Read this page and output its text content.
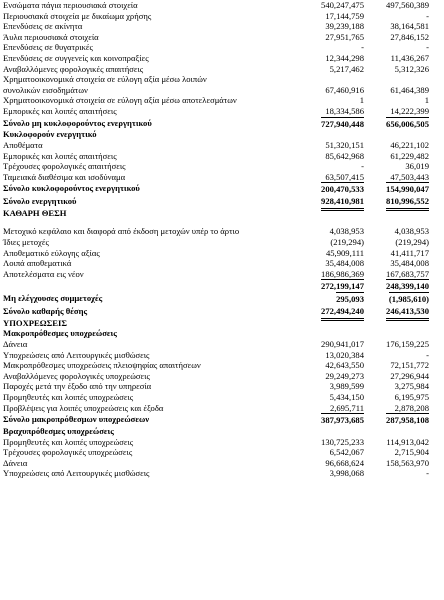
Ενσώματα πάγια περιουσιακά στοιχεία	540,247,475	497,560,389
Περιουσιακά στοιχεία με δικαίωμα χρήσης	17,144,759	-
Επενδύσεις σε ακίνητα	39,239,188	38,164,581
Άυλα περιουσιακά στοιχεία	27,951,765	27,846,152
Επενδύσεις σε θυγατρικές	-	-
Επενδύσεις σε συγγενείς και κοινοπραξίες	12,344,298	11,436,267
Αναβαλλόμενες φορολογικές απαιτήσεις	5,217,462	5,312,326
Χρηματοοικονομικά στοιχεία σε εύλογη αξία μέσω λοιπών
συνολικών εισοδημάτων	67,460,916	61,464,389
Χρηματοοικονομικά στοιχεία σε εύλογη αξία μέσω αποτελεσμάτων	1	1
Εμπορικές και λοιπές απαιτήσεις	18,334,586	14,222,399
Σύνολο μη κυκλοφορούντος ενεργητικού	727,940,448	656,006,505
Κυκλοφορούν ενεργητικό
Αποθέματα	51,320,151	46,221,102
Εμπορικές και λοιπές απαιτήσεις	85,642,968	61,229,482
Τρέχουσες φορολογικές απαιτήσεις	-	36,019
Ταμειακά διαθέσιμα και ισοδύναμα	63,507,415	47,503,443
Σύνολο κυκλοφορούντος ενεργητικού	200,470,533	154,990,047
Σύνολο ενεργητικού	928,410,981	810,996,552
ΚΑΘΑΡΗ ΘΕΣΗ
Μετοχικό κεφάλαιο και διαφορά από έκδοση μετοχών υπέρ το άρτιο	4,038,953	4,038,953
Ίδιες μετοχές	(219,294)	(219,294)
Αποθεματικό εύλογης αξίας	45,909,111	41,411,717
Λοιπά αποθεματικά	35,484,008	35,484,008
Αποτελέσματα εις νέον	186,986,369	167,683,757
272,199,147	248,399,140
Μη ελέγχουσες συμμετοχές	295,093	(1,985,610)
Σύνολο καθαρής θέσης	272,494,240	246,413,530
ΥΠΟΧΡΕΩΣΕΙΣ
Μακροπρόθεσμες υποχρεώσεις
Δάνεια	290,941,017	176,159,225
Υποχρεώσεις από Λειτουργικές μισθώσεις	13,020,384	-
Μακροπρόθεσμες υποχρεώσεις πλειοψηφίας απαιτήσεων	42,643,550	72,151,772
Αναβαλλόμενες φορολογικές υποχρεώσεις	29,249,273	27,296,944
Παροχές μετά την έξοδο από την υπηρεσία	3,989,599	3,275,984
Προμηθευτές και λοιπές υποχρεώσεις	5,434,150	6,195,975
Προβλέψεις για λοιπές υποχρεώσεις και έξοδα	2,695,711	2,878,208
Σύνολο μακροπρόθεσμων υποχρεώσεων	387,973,685	287,958,108
Βραχυπρόθεσμες υποχρεώσεις
Προμηθευτές και λοιπές υποχρεώσεις	130,725,233	114,913,042
Τρέχουσες φορολογικές υποχρεώσεις	6,542,067	2,715,904
Δάνεια	96,668,624	158,563,970
Υποχρεώσεις από Λειτουργικές μισθώσεις	3,998,068	-
